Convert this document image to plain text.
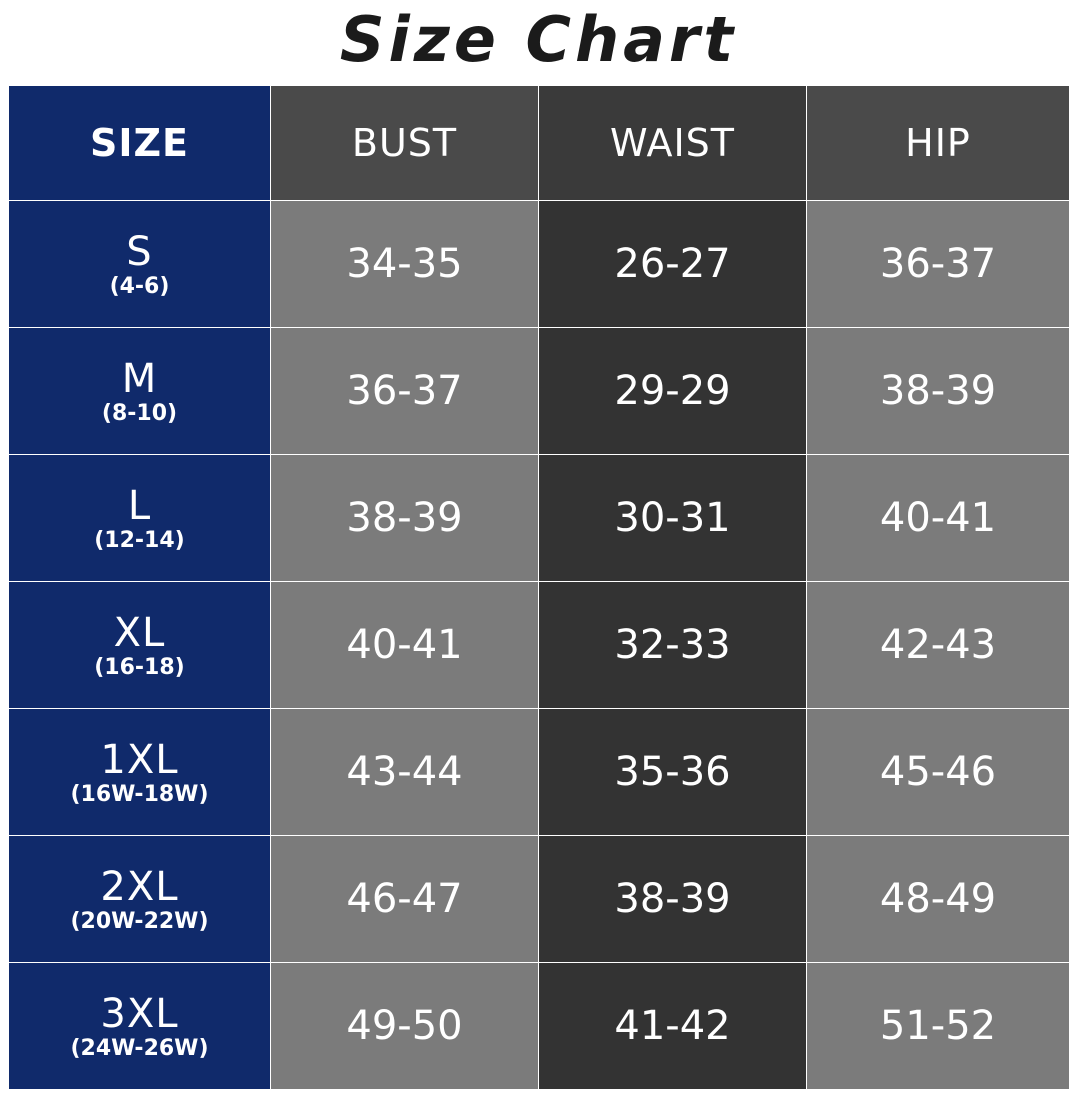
Size Chart
SIZE	BUST	WAIST	HIP

S
(4-6)	34-35	26-27	36-37

M
(8-10)	36-37	29-29	38-39

L
(12-14)	38-39	30-31	40-41

XL
(16-18)	40-41	32-33	42-43

1XL
(16W-18W)	43-44	35-36	45-46

2XL
(20W-22W)	46-47	38-39	48-49

3XL
(24W-26W)	49-50	41-42	51-52
